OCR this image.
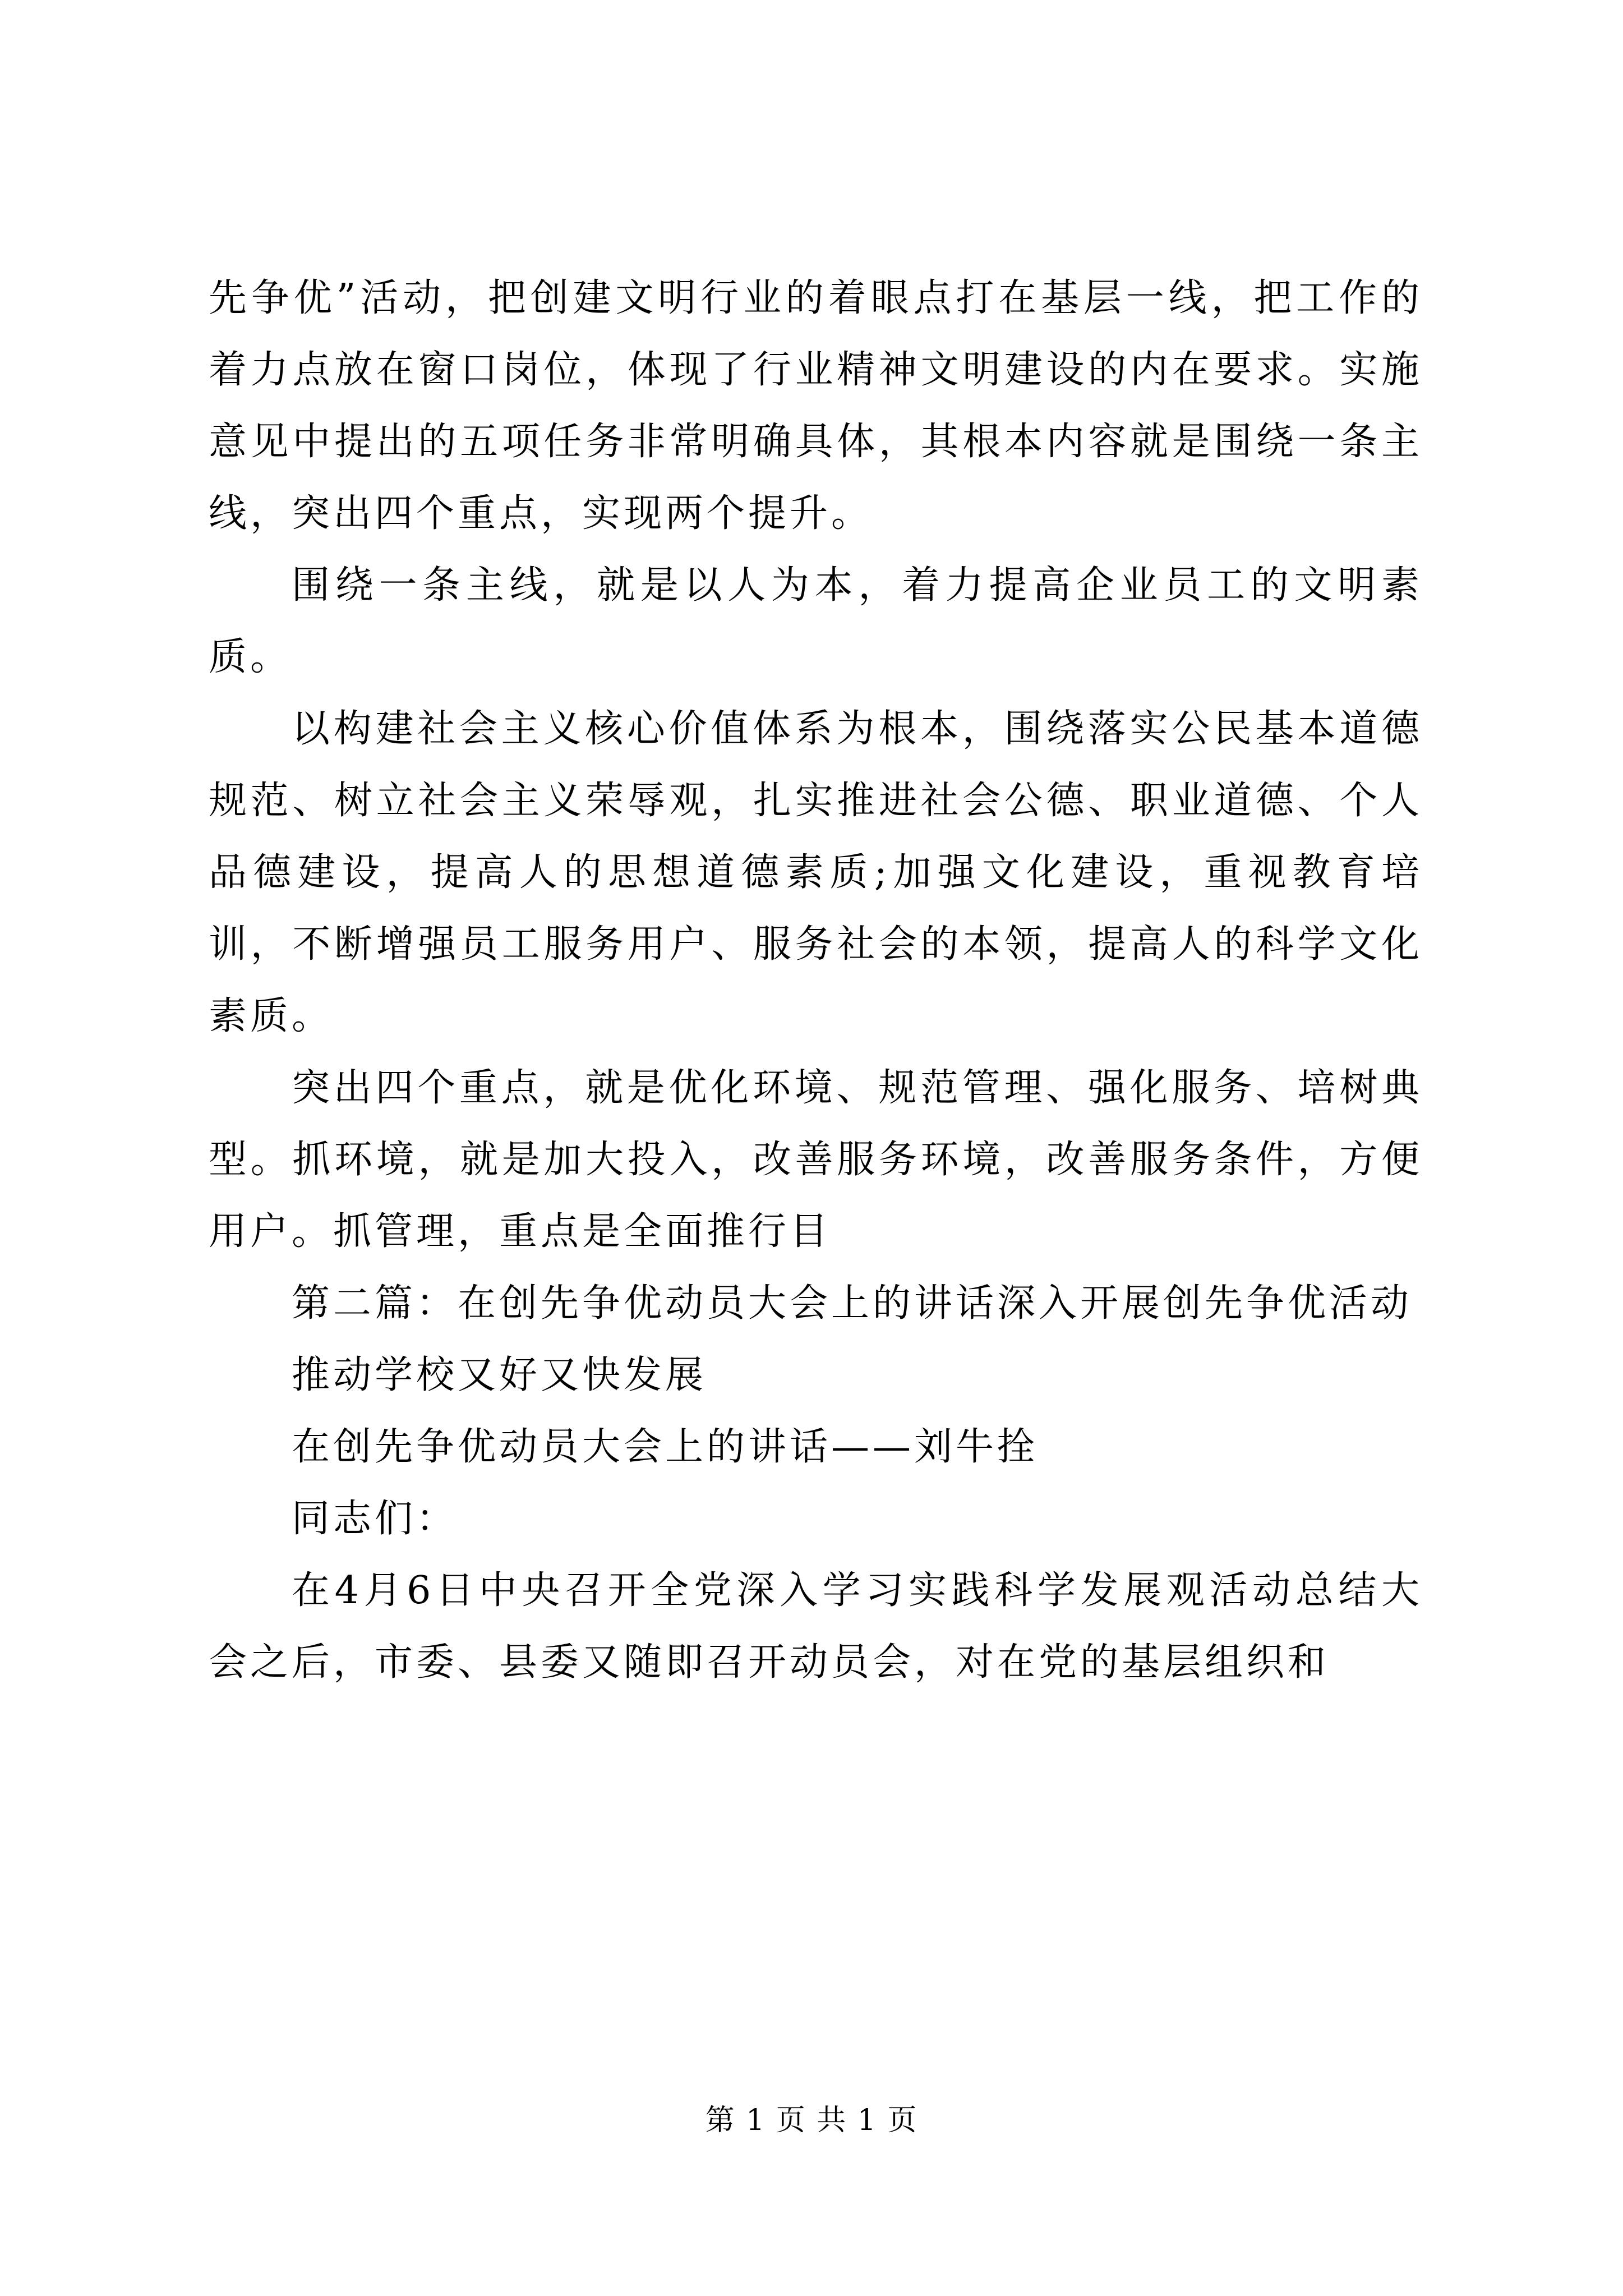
先争优”活动，把创建文明行业的着眼点打在基层一线，把工作的着力点放在窗口岗位，体现了行业精神文明建设的内在要求。实施意见中提出的五项任务非常明确具体，其根本内容就是围绕一条主线，突出四个重点，实现两个提升。

围绕一条主线，就是以人为本，着力提高企业员工的文明素质。

以构建社会主义核心价值体系为根本，围绕落实公民基本道德规范、树立社会主义荣辱观，扎实推进社会公德、职业道德、个人品德建设，提高人的思想道德素质;加强文化建设，重视教育培训，不断增强员工服务用户、服务社会的本领，提高人的科学文化素质。

突出四个重点，就是优化环境、规范管理、强化服务、培树典型。抓环境，就是加大投入，改善服务环境，改善服务条件，方便用户。抓管理，重点是全面推行目

第二篇：在创先争优动员大会上的讲话深入开展创先争优活动

推动学校又好又快发展

在创先争优动员大会上的讲话——刘牛拴

同志们：

在4月6日中央召开全党深入学习实践科学发展观活动总结大会之后，市委、县委又随即召开动员会，对在党的基层组织和

第 1 页 共 1 页
